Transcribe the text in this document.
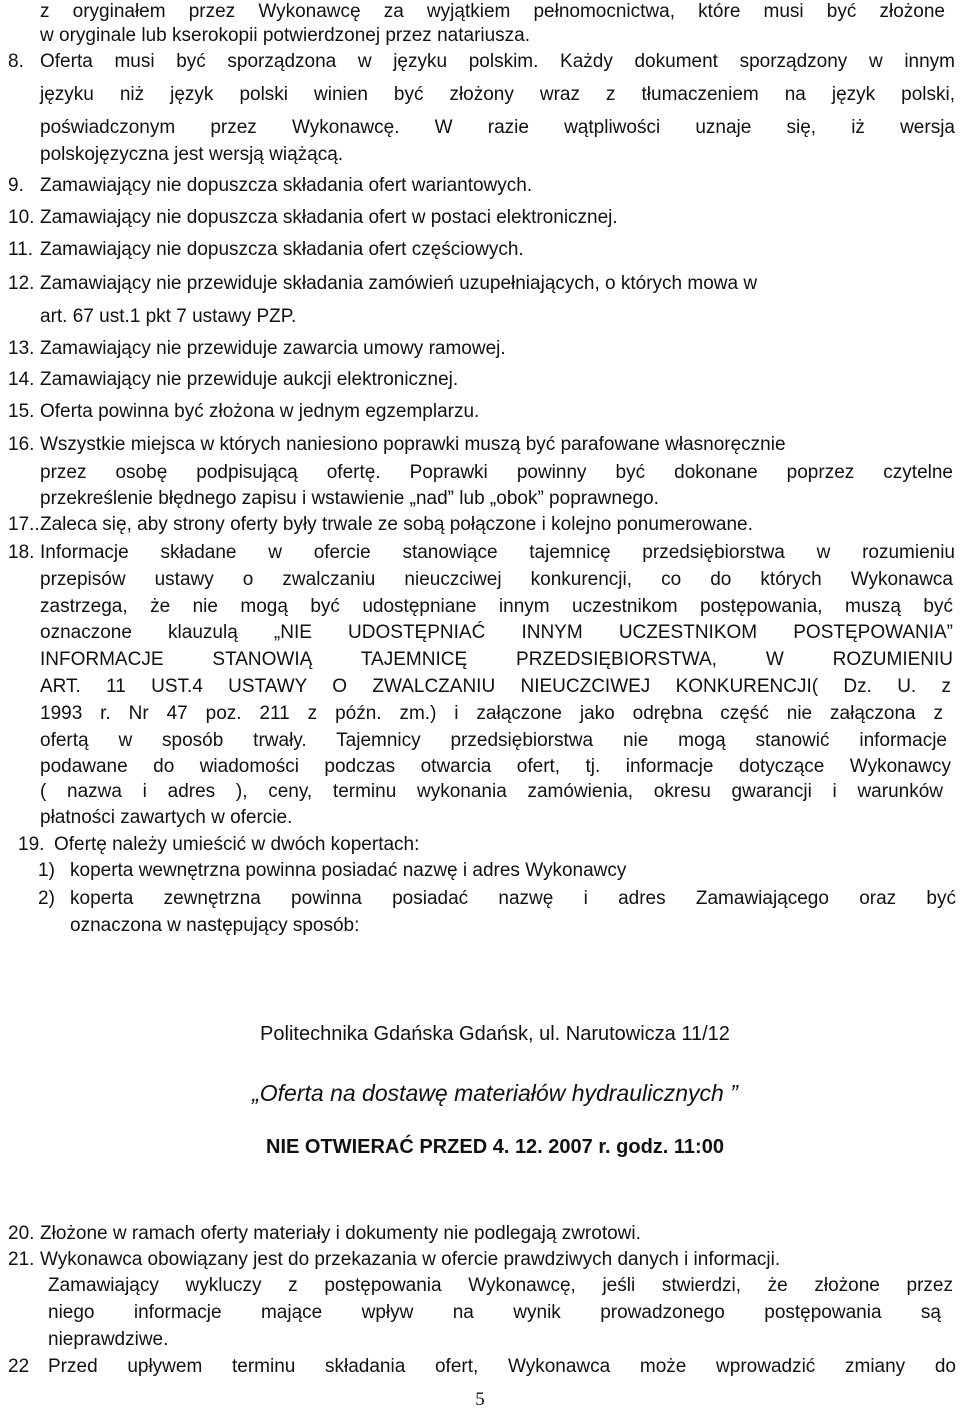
z oryginałem przez Wykonawcę za wyjątkiem pełnomocnictwa, które musi być złożone
w oryginale lub kserokopii potwierdzonej przez natariusza.
8. Oferta musi być sporządzona w języku polskim. Każdy dokument sporządzony w innym
języku niż język polski winien być złożony wraz z tłumaczeniem na język polski,
poświadczonym przez Wykonawcę. W razie wątpliwości uznaje się, iż wersja
polskojęzyczna jest wersją wiążącą.
9. Zamawiający nie dopuszcza składania ofert wariantowych.
10. Zamawiający nie dopuszcza składania ofert w postaci elektronicznej.
11. Zamawiający nie dopuszcza składania ofert częściowych.
12. Zamawiający nie przewiduje składania zamówień uzupełniających, o których mowa w
art. 67 ust.1 pkt 7 ustawy PZP.
13. Zamawiający nie przewiduje zawarcia umowy ramowej.
14. Zamawiający nie przewiduje aukcji elektronicznej.
15. Oferta powinna być złożona w jednym egzemplarzu.
16. Wszystkie miejsca w których naniesiono poprawki muszą być parafowane własnoręcznie
przez osobę podpisującą ofertę. Poprawki powinny być dokonane poprzez czytelne
przekreślenie błędnego zapisu i wstawienie „nad” lub „obok” poprawnego.
17.. Zaleca się, aby strony oferty były trwale ze sobą połączone i kolejno ponumerowane.
18. Informacje składane w ofercie stanowiące tajemnicę przedsiębiorstwa w rozumieniu
przepisów ustawy o zwalczaniu nieuczciwej konkurencji, co do których Wykonawca
zastrzega, że nie mogą być udostępniane innym uczestnikom postępowania, muszą być
oznaczone klauzulą „NIE UDOSTĘPNIAĆ INNYM UCZESTNIKOM POSTĘPOWANIA”
INFORMACJE STANOWIĄ TAJEMNICĘ PRZEDSIĘBIORSTWA, W ROZUMIENIU
ART. 11 UST.4 USTAWY O ZWALCZANIU NIEUCZCIWEJ KONKURENCJI( Dz. U. z
1993 r. Nr 47 poz. 211 z późn. zm.) i załączone jako odrębna część nie załączona z
ofertą w sposób trwały. Tajemnicy przedsiębiorstwa nie mogą stanowić informacje
podawane do wiadomości podczas otwarcia ofert, tj. informacje dotyczące Wykonawcy
( nazwa i adres ), ceny, terminu wykonania zamówienia, okresu gwarancji i warunków
płatności zawartych w ofercie.
19. Ofertę należy umieścić w dwóch kopertach:
1) koperta wewnętrzna powinna posiadać nazwę i adres Wykonawcy
2) koperta zewnętrzna powinna posiadać nazwę i adres Zamawiającego oraz być
oznaczona w następujący sposób:
Politechnika Gdańska Gdańsk, ul. Narutowicza 11/12
„Oferta na dostawę materiałów hydraulicznych ”
NIE OTWIERAĆ PRZED 4. 12. 2007 r. godz. 11:00
20. Złożone w ramach oferty materiały i dokumenty nie podlegają zwrotowi.
21. Wykonawca obowiązany jest do przekazania w ofercie prawdziwych danych i informacji.
Zamawiający wykluczy z postępowania Wykonawcę, jeśli stwierdzi, że złożone przez
niego informacje mające wpływ na wynik prowadzonego postępowania są
nieprawdziwe.
22 Przed upływem terminu składania ofert, Wykonawca może wprowadzić zmiany do
5
